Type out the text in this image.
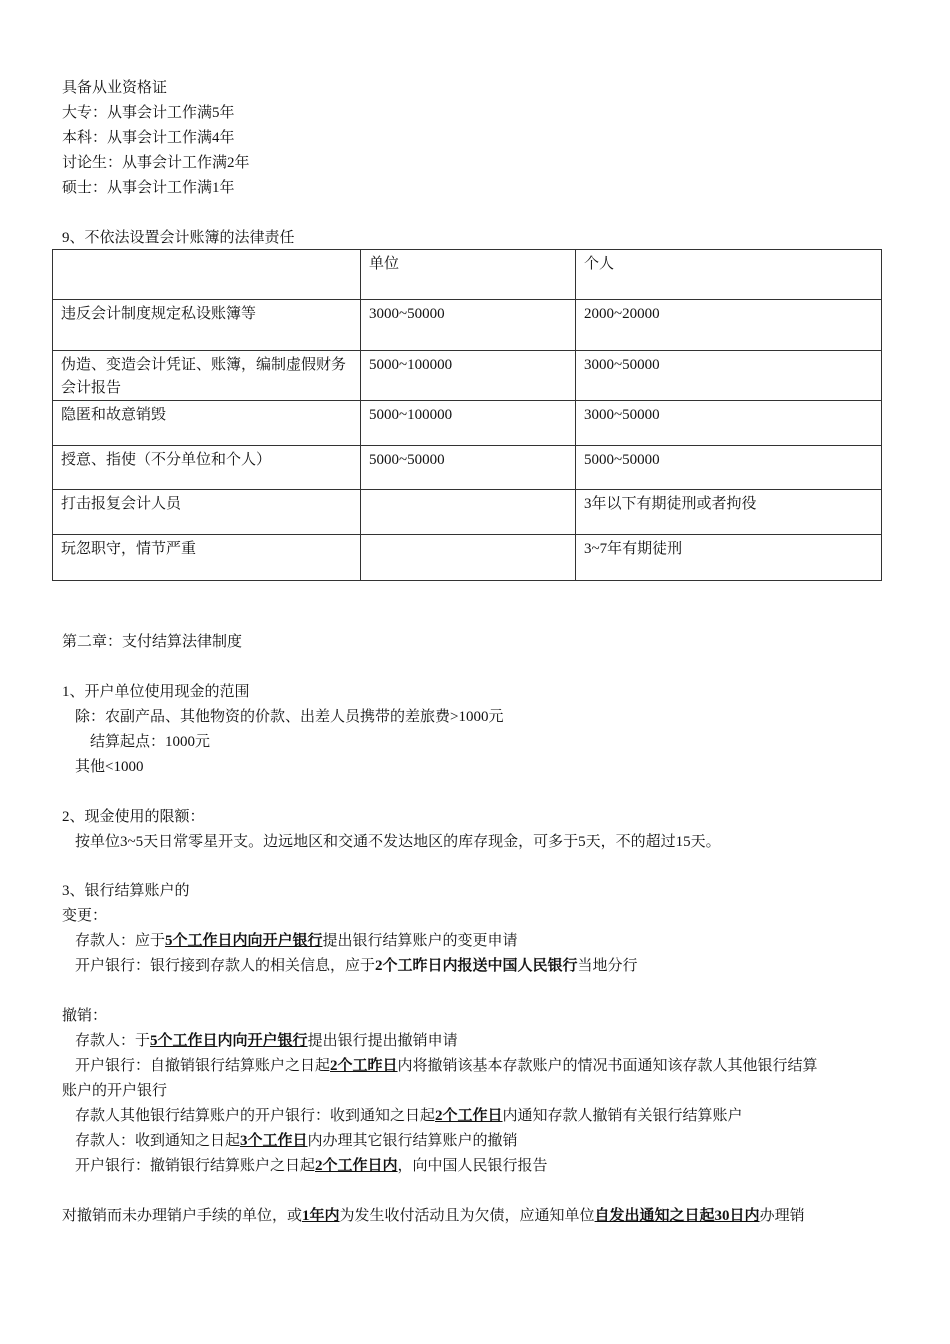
具备从业资格证
大专：从事会计工作满5年
本科：从事会计工作满4年
讨论生：从事会计工作满2年
硕士：从事会计工作满1年
9、不依法设置会计账簿的法律责任
	单位	个人
违反会计制度规定私设账簿等	3000~50000	2000~20000
伪造、变造会计凭证、账簿，编制虚假财务会计报告	5000~100000	3000~50000
隐匿和故意销毁	5000~100000	3000~50000
授意、指使（不分单位和个人）	5000~50000	5000~50000
打击报复会计人员		3年以下有期徒刑或者拘役
玩忽职守，情节严重		3~7年有期徒刑
第二章：支付结算法律制度
1、开户单位使用现金的范围
除：农副产品、其他物资的价款、出差人员携带的差旅费>1000元
结算起点：1000元
其他<1000
2、现金使用的限额：
按单位3~5天日常零星开支。边远地区和交通不发达地区的库存现金，可多于5天，不的超过15天。
3、银行结算账户的
变更：
存款人：应于5个工作日内向开户银行提出银行结算账户的变更申请
开户银行：银行接到存款人的相关信息，应于2个工昨日内报送中国人民银行当地分行
撤销：
存款人：于5个工作日内向开户银行提出银行提出撤销申请
开户银行：自撤销银行结算账户之日起2个工昨日内将撤销该基本存款账户的情况书面通知该存款人其他银行结算
账户的开户银行
存款人其他银行结算账户的开户银行：收到通知之日起2个工作日内通知存款人撤销有关银行结算账户
存款人：收到通知之日起3个工作日内办理其它银行结算账户的撤销
开户银行：撤销银行结算账户之日起2个工作日内，向中国人民银行报告
对撤销而未办理销户手续的单位，或1年内为发生收付活动且为欠债，应通知单位自发出通知之日起30日内办理销
